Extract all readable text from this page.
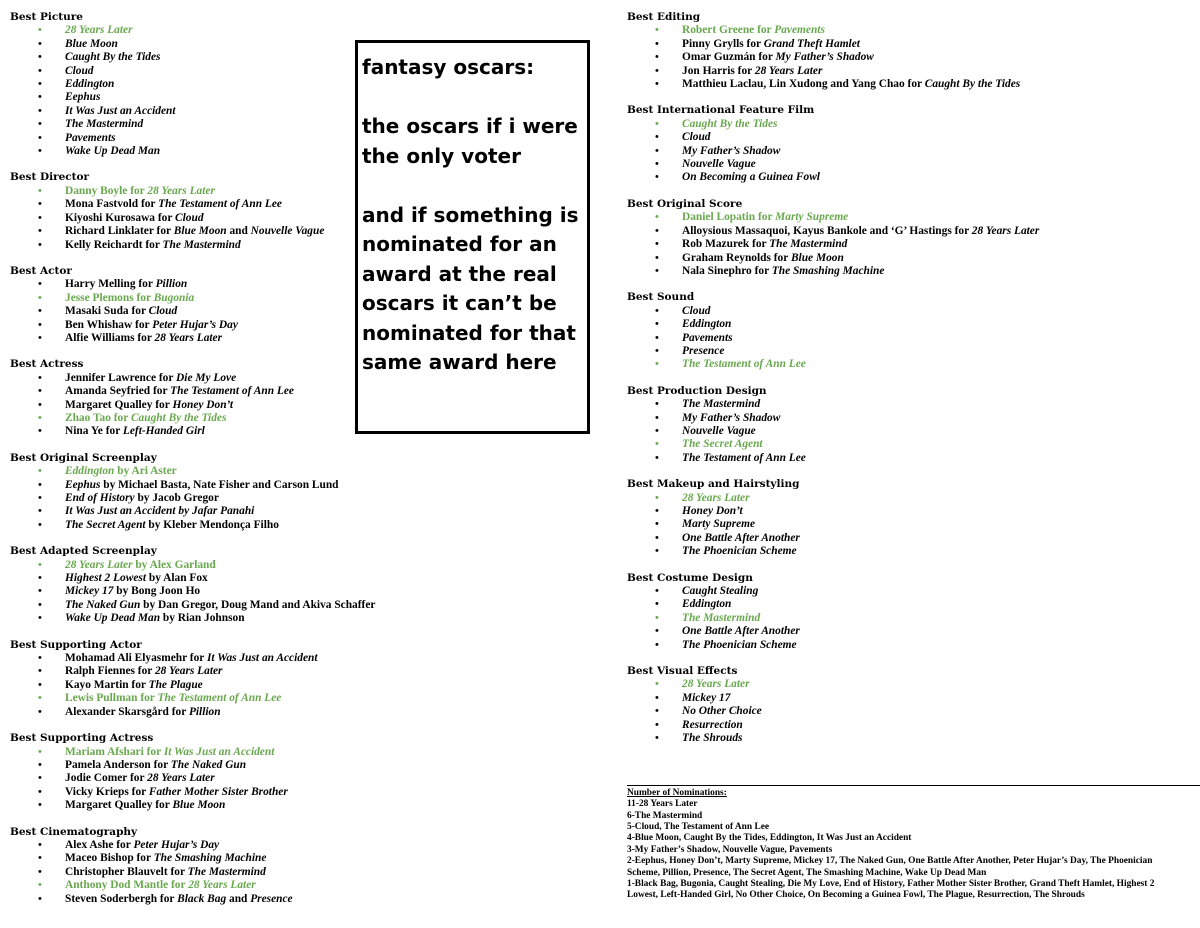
Best Picture
• 28 Years Later
• Blue Moon
• Caught By the Tides
• Cloud
• Eddington
• Eephus
• It Was Just an Accident
• The Mastermind
• Pavements
• Wake Up Dead Man
Best Director
• Danny Boyle for 28 Years Later
• Mona Fastvold for The Testament of Ann Lee
• Kiyoshi Kurosawa for Cloud
• Richard Linklater for Blue Moon and Nouvelle Vague
• Kelly Reichardt for The Mastermind
Best Actor
• Harry Melling for Pillion
• Jesse Plemons for Bugonia
• Masaki Suda for Cloud
• Ben Whishaw for Peter Hujar’s Day
• Alfie Williams for 28 Years Later
Best Actress
• Jennifer Lawrence for Die My Love
• Amanda Seyfried for The Testament of Ann Lee
• Margaret Qualley for Honey Don’t
• Zhao Tao for Caught By the Tides
• Nina Ye for Left-Handed Girl
Best Original Screenplay
• Eddington by Ari Aster
• Eephus by Michael Basta, Nate Fisher and Carson Lund
• End of History by Jacob Gregor
• It Was Just an Accident by Jafar Panahi
• The Secret Agent by Kleber Mendonça Filho
Best Adapted Screenplay
• 28 Years Later by Alex Garland
• Highest 2 Lowest by Alan Fox
• Mickey 17 by Bong Joon Ho
• The Naked Gun by Dan Gregor, Doug Mand and Akiva Schaffer
• Wake Up Dead Man by Rian Johnson
Best Supporting Actor
• Mohamad Ali Elyasmehr for It Was Just an Accident
• Ralph Fiennes for 28 Years Later
• Kayo Martin for The Plague
• Lewis Pullman for The Testament of Ann Lee
• Alexander Skarsgård for Pillion
Best Supporting Actress
• Mariam Afshari for It Was Just an Accident
• Pamela Anderson for The Naked Gun
• Jodie Comer for 28 Years Later
• Vicky Krieps for Father Mother Sister Brother
• Margaret Qualley for Blue Moon
Best Cinematography
• Alex Ashe for Peter Hujar’s Day
• Maceo Bishop for The Smashing Machine
• Christopher Blauvelt for The Mastermind
• Anthony Dod Mantle for 28 Years Later
• Steven Soderbergh for Black Bag and Presence

fantasy oscars:

the oscars if i were the only voter

and if something is nominated for an award at the real oscars it can’t be nominated for that same award here

Best Editing
• Robert Greene for Pavements
• Pinny Grylls for Grand Theft Hamlet
• Omar Guzmán for My Father’s Shadow
• Jon Harris for 28 Years Later
• Matthieu Laclau, Lin Xudong and Yang Chao for Caught By the Tides
Best International Feature Film
• Caught By the Tides
• Cloud
• My Father’s Shadow
• Nouvelle Vague
• On Becoming a Guinea Fowl
Best Original Score
• Daniel Lopatin for Marty Supreme
• Alloysious Massaquoi, Kayus Bankole and ‘G’ Hastings for 28 Years Later
• Rob Mazurek for The Mastermind
• Graham Reynolds for Blue Moon
• Nala Sinephro for The Smashing Machine
Best Sound
• Cloud
• Eddington
• Pavements
• Presence
• The Testament of Ann Lee
Best Production Design
• The Mastermind
• My Father’s Shadow
• Nouvelle Vague
• The Secret Agent
• The Testament of Ann Lee
Best Makeup and Hairstyling
• 28 Years Later
• Honey Don’t
• Marty Supreme
• One Battle After Another
• The Phoenician Scheme
Best Costume Design
• Caught Stealing
• Eddington
• The Mastermind
• One Battle After Another
• The Phoenician Scheme
Best Visual Effects
• 28 Years Later
• Mickey 17
• No Other Choice
• Resurrection
• The Shrouds
Number of Nominations:
11-28 Years Later
6-The Mastermind
5-Cloud, The Testament of Ann Lee
4-Blue Moon, Caught By the Tides, Eddington, It Was Just an Accident
3-My Father’s Shadow, Nouvelle Vague, Pavements
2-Eephus, Honey Don’t, Marty Supreme, Mickey 17, The Naked Gun, One Battle After Another, Peter Hujar’s Day, The Phoenician
Scheme, Pillion, Presence, The Secret Agent, The Smashing Machine, Wake Up Dead Man
1-Black Bag, Bugonia, Caught Stealing, Die My Love, End of History, Father Mother Sister Brother, Grand Theft Hamlet, Highest 2
Lowest, Left-Handed Girl, No Other Choice, On Becoming a Guinea Fowl, The Plague, Resurrection, The Shrouds
